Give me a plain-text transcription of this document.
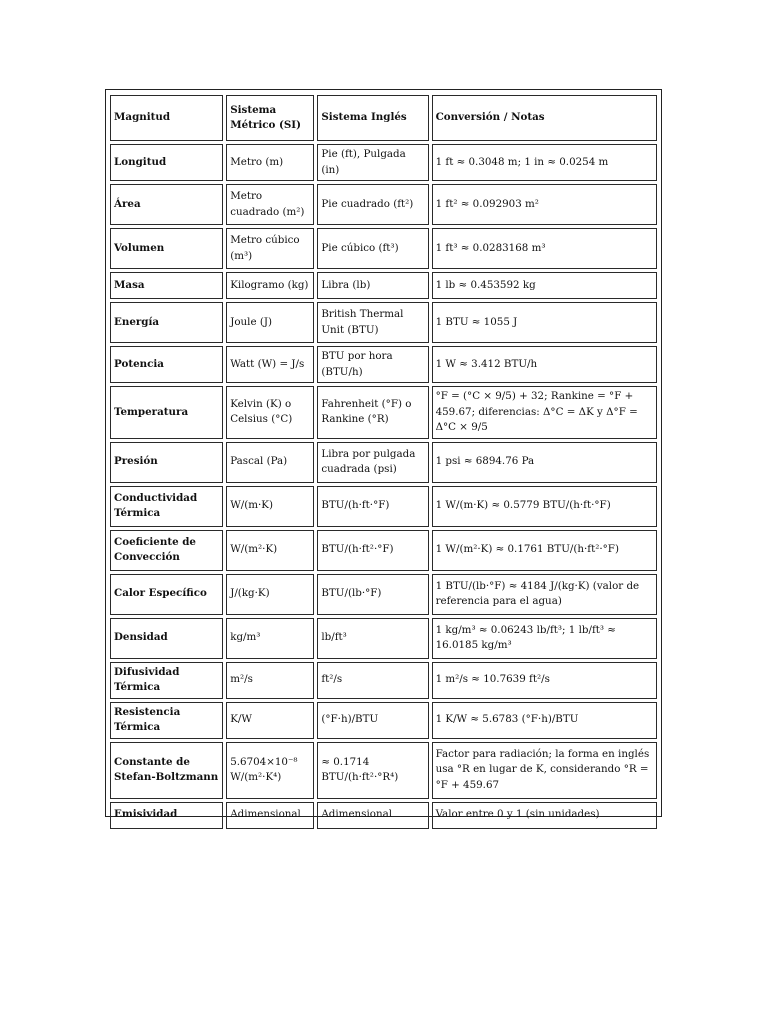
Magnitud	Sistema Métrico (SI)	Sistema Inglés	Conversión / Notas
Longitud	Metro (m)	Pie (ft), Pulgada (in)	1 ft ≈ 0.3048 m; 1 in ≈ 0.0254 m
Área	Metro cuadrado (m²)	Pie cuadrado (ft²)	1 ft² ≈ 0.092903 m²
Volumen	Metro cúbico (m³)	Pie cúbico (ft³)	1 ft³ ≈ 0.0283168 m³
Masa	Kilogramo (kg)	Libra (lb)	1 lb ≈ 0.453592 kg
Energía	Joule (J)	British Thermal Unit (BTU)	1 BTU ≈ 1055 J
Potencia	Watt (W) = J/s	BTU por hora (BTU/h)	1 W ≈ 3.412 BTU/h
Temperatura	Kelvin (K) o Celsius (°C)	Fahrenheit (°F) o Rankine (°R)	°F = (°C × 9/5) + 32; Rankine = °F + 459.67; diferencias: Δ°C = ΔK y Δ°F = Δ°C × 9/5
Presión	Pascal (Pa)	Libra por pulgada cuadrada (psi)	1 psi ≈ 6894.76 Pa
Conductividad Térmica	W/(m·K)	BTU/(h·ft·°F)	1 W/(m·K) ≈ 0.5779 BTU/(h·ft·°F)
Coeficiente de Convección	W/(m²·K)	BTU/(h·ft²·°F)	1 W/(m²·K) ≈ 0.1761 BTU/(h·ft²·°F)
Calor Específico	J/(kg·K)	BTU/(lb·°F)	1 BTU/(lb·°F) ≈ 4184 J/(kg·K) (valor de referencia para el agua)
Densidad	kg/m³	lb/ft³	1 kg/m³ ≈ 0.06243 lb/ft³; 1 lb/ft³ ≈ 16.0185 kg/m³
Difusividad Térmica	m²/s	ft²/s	1 m²/s ≈ 10.7639 ft²/s
Resistencia Térmica	K/W	(°F·h)/BTU	1 K/W ≈ 5.6783 (°F·h)/BTU
Constante de Stefan-Boltzmann	5.6704×10⁻⁸ W/(m²·K⁴)	≈ 0.1714 BTU/(h·ft²·°R⁴)	Factor para radiación; la forma en inglés usa °R en lugar de K, considerando °R = °F + 459.67
Emisividad	Adimensional	Adimensional	Valor entre 0 y 1 (sin unidades)
